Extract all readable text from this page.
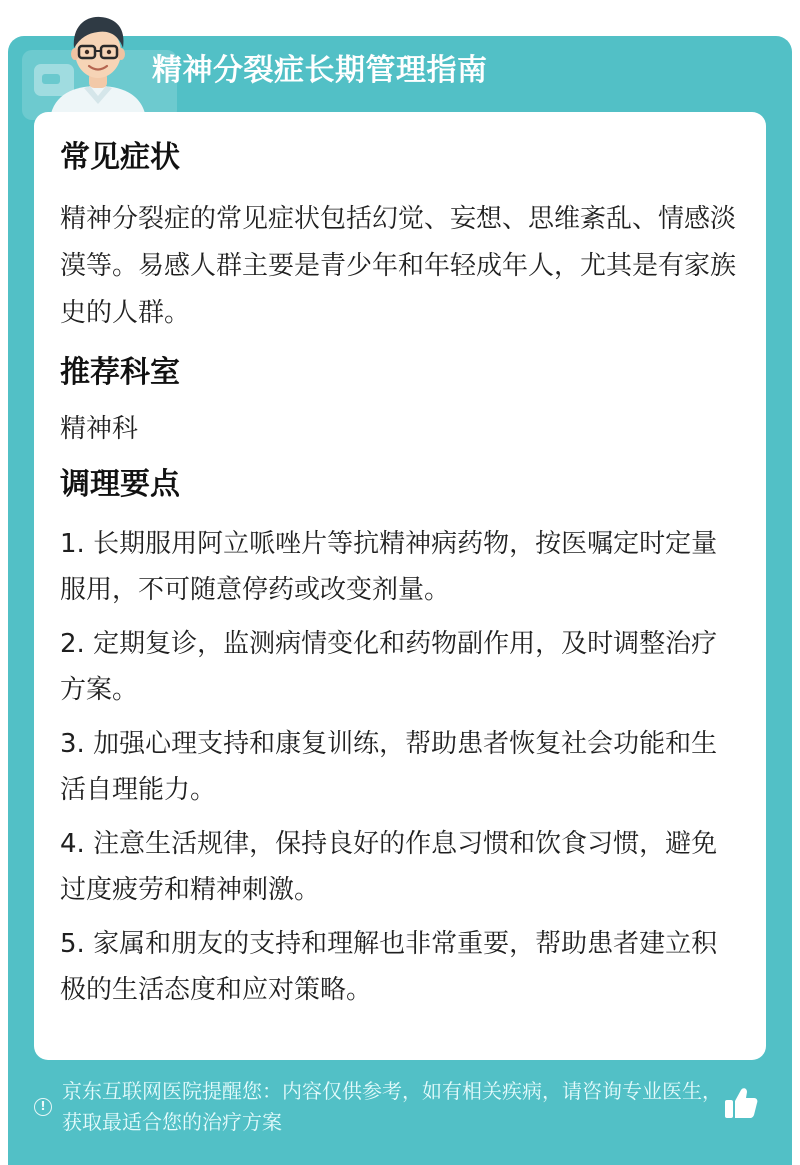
精神分裂症长期管理指南
常见症状
精神分裂症的常见症状包括幻觉、妄想、思维紊乱、情感淡漠等。易感人群主要是青少年和年轻成年人，尤其是有家族史的人群。
推荐科室
精神科
调理要点
1. 长期服用阿立哌唑片等抗精神病药物，按医嘱定时定量服用，不可随意停药或改变剂量。
2. 定期复诊，监测病情变化和药物副作用，及时调整治疗方案。
3. 加强心理支持和康复训练，帮助患者恢复社会功能和生活自理能力。
4. 注意生活规律，保持良好的作息习惯和饮食习惯，避免过度疲劳和精神刺激。
5. 家属和朋友的支持和理解也非常重要，帮助患者建立积极的生活态度和应对策略。
!
京东互联网医院提醒您：内容仅供参考，如有相关疾病，请咨询专业医生，获取最适合您的治疗方案
